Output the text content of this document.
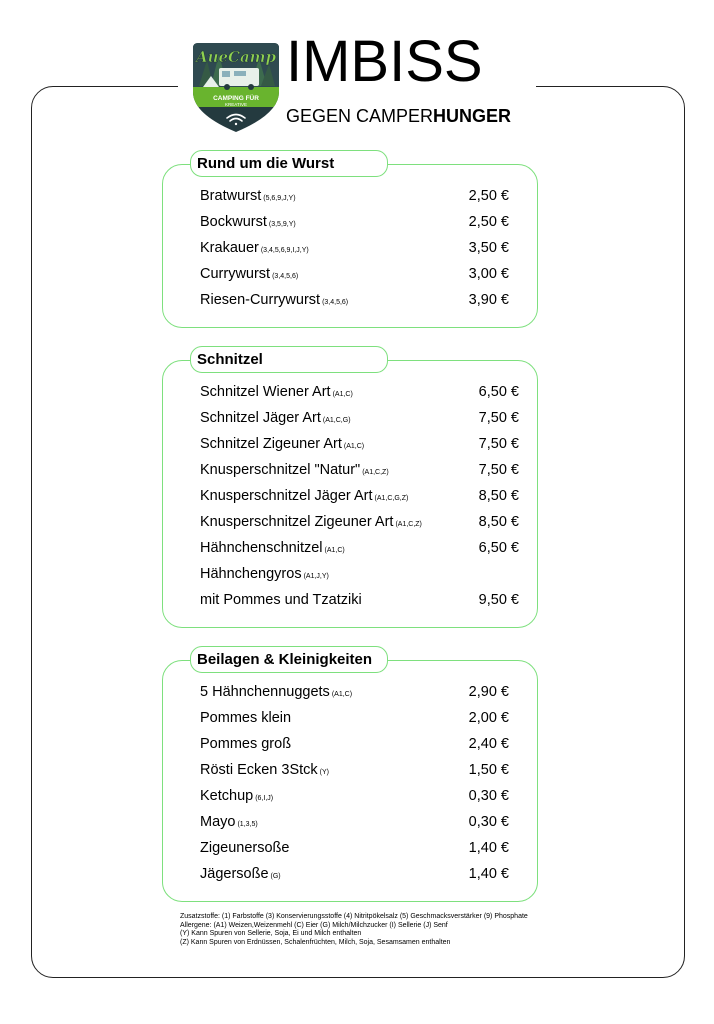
AueCamp
CAMPING FÜR
KREATIVE
IMBISS
GEGEN CAMPERHUNGER
Rund um die Wurst
Bratwurst (5,6,9,J,Y)	2,50 €
Bockwurst (3,5,9,Y)	2,50 €
Krakauer (3,4,5,6,9,I,J,Y)	3,50 €
Currywurst (3,4,5,6)	3,00 €
Riesen-Currywurst (3,4,5,6)	3,90 €
Schnitzel
Schnitzel Wiener Art (A1,C)	6,50 €
Schnitzel Jäger Art (A1,C,G)	7,50 €
Schnitzel Zigeuner Art (A1,C)	7,50 €
Knusperschnitzel "Natur" (A1,C,Z)	7,50 €
Knusperschnitzel Jäger Art (A1,C,G,Z)	8,50 €
Knusperschnitzel Zigeuner Art (A1,C,Z)	8,50 €
Hähnchenschnitzel (A1,C)	6,50 €
Hähnchengyros (A1,J,Y)
mit Pommes und Tzatziki	9,50 €
Beilagen & Kleinigkeiten
5 Hähnchennuggets (A1,C)	2,90 €
Pommes klein	2,00 €
Pommes groß	2,40 €
Rösti Ecken 3Stck (Y)	1,50 €
Ketchup (6,I,J)	0,30 €
Mayo (1,3,5)	0,30 €
Zigeunersoße	1,40 €
Jägersoße (G)	1,40 €
Zusatzstoffe: (1) Farbstoffe (3) Konservierungsstoffe (4) Nitritpökelsalz (5) Geschmacksverstärker (9) Phosphate
Allergene: (A1) Weizen,Weizenmehl (C) Eier (G) Milch/Milchzucker (I) Sellerie (J) Senf
(Y) Kann Spuren von Sellerie, Soja, Ei und Milch enthalten
(Z) Kann Spuren von Erdnüssen, Schalenfrüchten, Milch, Soja, Sesamsamen enthalten
